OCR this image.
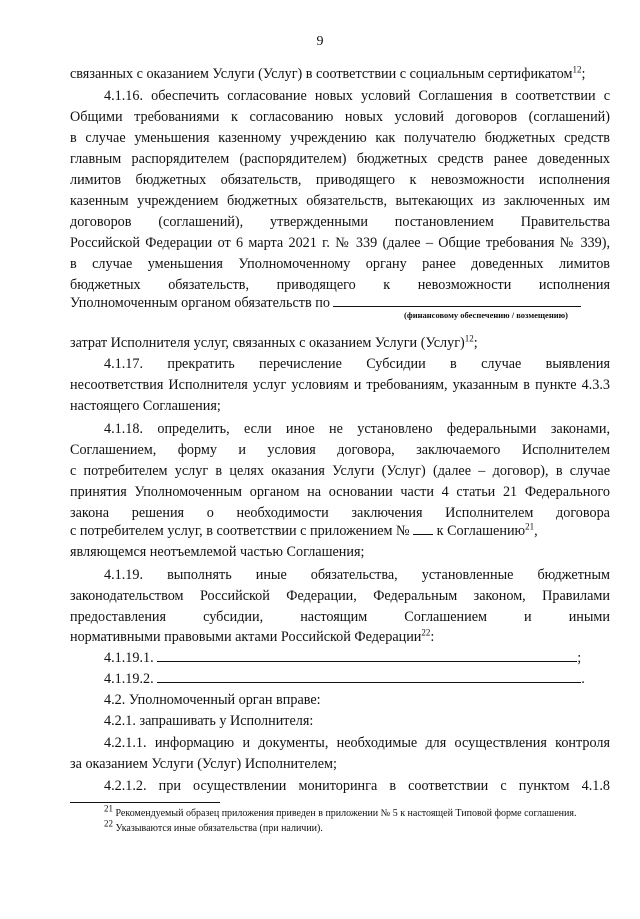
9
связанных с оказанием Услуги (Услуг) в соответствии с социальным сертификатом$^{12}$;
4.1.16. обеспечить согласование новых условий Соглашения в соответствии с
Общими требованиями к согласованию новых условий договоров (соглашений)
в случае уменьшения казенному учреждению как получателю бюджетных средств
главным распорядителем (распорядителем) бюджетных средств ранее доведенных
лимитов бюджетных обязательств, приводящего к невозможности исполнения
казенным учреждением бюджетных обязательств, вытекающих из заключенных им
договоров (соглашений), утвержденными постановлением Правительства
Российской Федерации от 6 марта 2021 г. № 339 (далее – Общие требования № 339),
в случае уменьшения Уполномоченному органу ранее доведенных лимитов
бюджетных обязательств, приводящего к невозможности исполнения
Уполномоченным органом обязательств по
(финансовому обеспечению / возмещению)
затрат Исполнителя услуг, связанных с оказанием Услуги (Услуг)$^{12}$;
4.1.17. прекратить перечисление Субсидии в случае выявления
несоответствия Исполнителя услуг условиям и требованиям, указанным в пункте 4.3.3
настоящего Соглашения;
4.1.18. определить, если иное не установлено федеральными законами,
Соглашением, форму и условия договора, заключаемого Исполнителем
с потребителем услуг в целях оказания Услуги (Услуг) (далее – договор), в случае
принятия Уполномоченным органом на основании части 4 статьи 21 Федерального
закона решения о необходимости заключения Исполнителем договора
с потребителем услуг, в соответствии с приложением № к Соглашению$^{21}$,
являющемся неотъемлемой частью Соглашения;
4.1.19. выполнять иные обязательства, установленные бюджетным
законодательством Российской Федерации, Федеральным законом, Правилами
предоставления субсидии, настоящим Соглашением и иными
нормативными правовыми актами Российской Федерации$^{22}$:
4.1.19.1.	;
4.1.19.2.	.
4.2. Уполномоченный орган вправе:
4.2.1. запрашивать у Исполнителя:
4.2.1.1. информацию и документы, необходимые для осуществления контроля
за оказанием Услуги (Услуг) Исполнителем;
4.2.1.2. при осуществлении мониторинга в соответствии с пунктом 4.1.8
$^{21}$ Рекомендуемый образец приложения приведен в приложении № 5 к настоящей Типовой форме соглашения.
$^{22}$ Указываются иные обязательства (при наличии).
